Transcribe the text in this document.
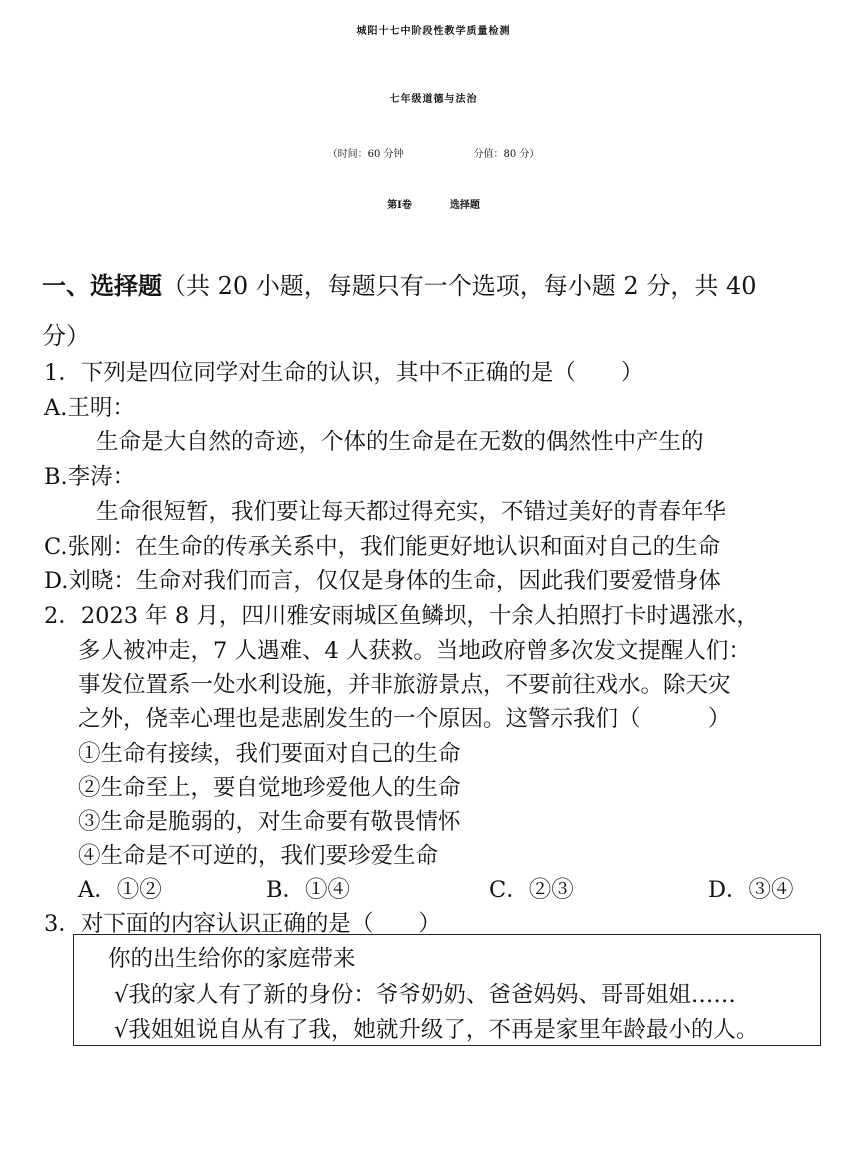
城阳十七中阶段性教学质量检测
七年级道德与法治
（时间：60 分钟	分值：80 分）
第Ⅰ卷	选择题
一、选择题（共 20 小题，每题只有一个选项，每小题 2 分，共 40
分）
1．下列是四位同学对生命的认识，其中不正确的是（　　）
A.王明：
生命是大自然的奇迹，个体的生命是在无数的偶然性中产生的
B.李涛：
生命很短暂，我们要让每天都过得充实，不错过美好的青春年华
C.张刚：在生命的传承关系中，我们能更好地认识和面对自己的生命
D.刘晓：生命对我们而言，仅仅是身体的生命，因此我们要爱惜身体
2．2023 年 8 月，四川雅安雨城区鱼鳞坝，十余人拍照打卡时遇涨水，
多人被冲走，7 人遇难、4 人获救。当地政府曾多次发文提醒人们：
事发位置系一处水利设施，并非旅游景点，不要前往戏水。除天灾
之外，侥幸心理也是悲剧发生的一个原因。这警示我们（　　　）
①生命有接续，我们要面对自己的生命
②生命至上，要自觉地珍爱他人的生命
③生命是脆弱的，对生命要有敬畏情怀
④生命是不可逆的，我们要珍爱生命
A．①②	B．①④	C．②③	D．③④
3．对下面的内容认识正确的是（　　）
你的出生给你的家庭带来
√我的家人有了新的身份：爷爷奶奶、爸爸妈妈、哥哥姐姐……
√我姐姐说自从有了我，她就升级了，不再是家里年龄最小的人。
